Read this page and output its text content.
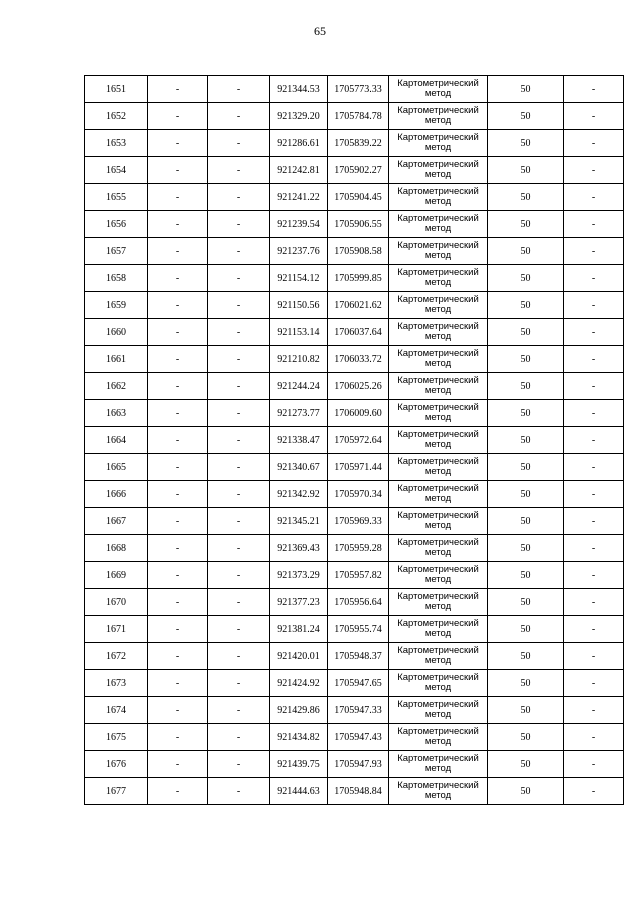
65
1651	-	-	921344.53	1705773.33	Картометрический метод	50	-
1652	-	-	921329.20	1705784.78	Картометрический метод	50	-
1653	-	-	921286.61	1705839.22	Картометрический метод	50	-
1654	-	-	921242.81	1705902.27	Картометрический метод	50	-
1655	-	-	921241.22	1705904.45	Картометрический метод	50	-
1656	-	-	921239.54	1705906.55	Картометрический метод	50	-
1657	-	-	921237.76	1705908.58	Картометрический метод	50	-
1658	-	-	921154.12	1705999.85	Картометрический метод	50	-
1659	-	-	921150.56	1706021.62	Картометрический метод	50	-
1660	-	-	921153.14	1706037.64	Картометрический метод	50	-
1661	-	-	921210.82	1706033.72	Картометрический метод	50	-
1662	-	-	921244.24	1706025.26	Картометрический метод	50	-
1663	-	-	921273.77	1706009.60	Картометрический метод	50	-
1664	-	-	921338.47	1705972.64	Картометрический метод	50	-
1665	-	-	921340.67	1705971.44	Картометрический метод	50	-
1666	-	-	921342.92	1705970.34	Картометрический метод	50	-
1667	-	-	921345.21	1705969.33	Картометрический метод	50	-
1668	-	-	921369.43	1705959.28	Картометрический метод	50	-
1669	-	-	921373.29	1705957.82	Картометрический метод	50	-
1670	-	-	921377.23	1705956.64	Картометрический метод	50	-
1671	-	-	921381.24	1705955.74	Картометрический метод	50	-
1672	-	-	921420.01	1705948.37	Картометрический метод	50	-
1673	-	-	921424.92	1705947.65	Картометрический метод	50	-
1674	-	-	921429.86	1705947.33	Картометрический метод	50	-
1675	-	-	921434.82	1705947.43	Картометрический метод	50	-
1676	-	-	921439.75	1705947.93	Картометрический метод	50	-
1677	-	-	921444.63	1705948.84	Картометрический метод	50	-
